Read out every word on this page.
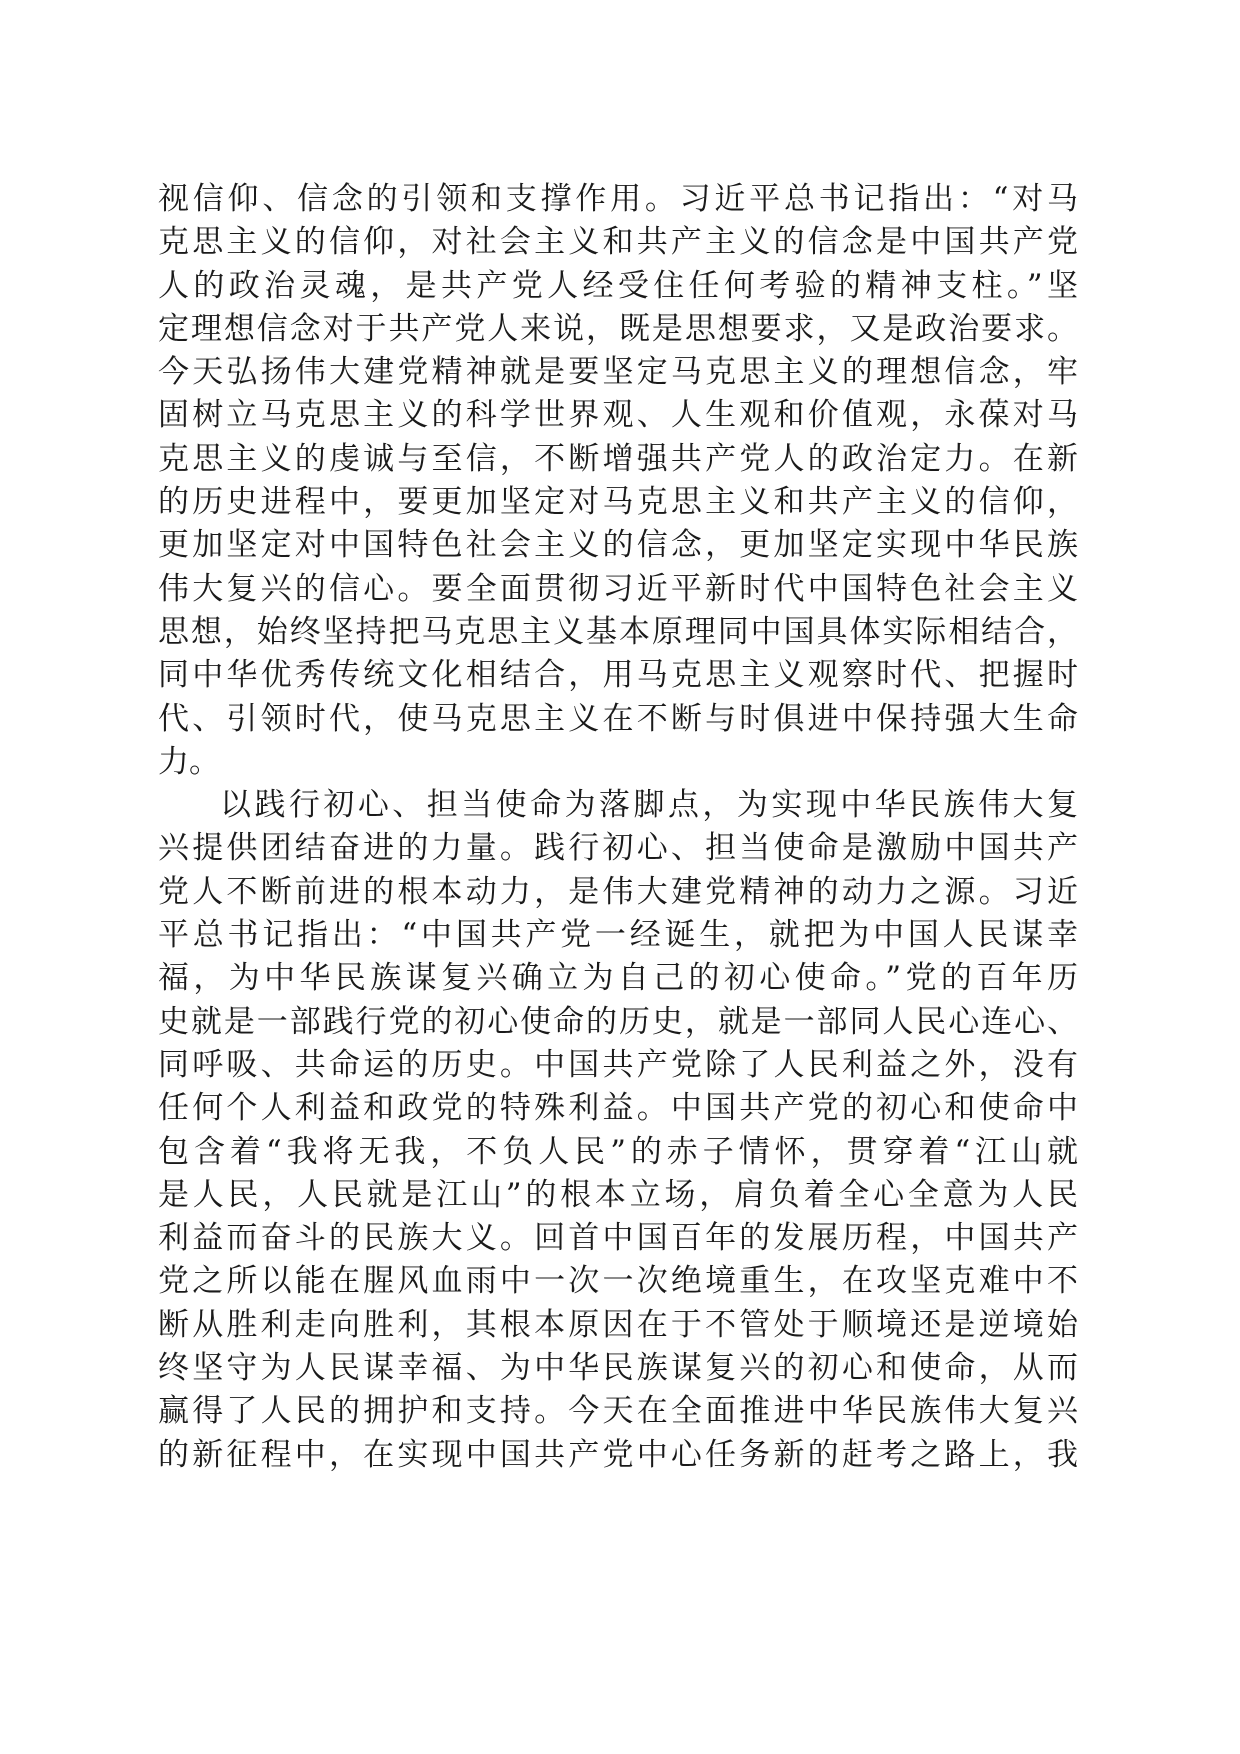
视信仰、信念的引领和支撑作用。习近平总书记指出：“对马
克思主义的信仰，对社会主义和共产主义的信念是中国共产党
人的政治灵魂，是共产党人经受住任何考验的精神支柱。”坚
定理想信念对于共产党人来说，既是思想要求，又是政治要求。
今天弘扬伟大建党精神就是要坚定马克思主义的理想信念，牢
固树立马克思主义的科学世界观、人生观和价值观，永葆对马
克思主义的虔诚与至信，不断增强共产党人的政治定力。在新
的历史进程中，要更加坚定对马克思主义和共产主义的信仰，
更加坚定对中国特色社会主义的信念，更加坚定实现中华民族
伟大复兴的信心。要全面贯彻习近平新时代中国特色社会主义
思想，始终坚持把马克思主义基本原理同中国具体实际相结合，
同中华优秀传统文化相结合，用马克思主义观察时代、把握时
代、引领时代，使马克思主义在不断与时俱进中保持强大生命
力。
以践行初心、担当使命为落脚点，为实现中华民族伟大复
兴提供团结奋进的力量。践行初心、担当使命是激励中国共产
党人不断前进的根本动力，是伟大建党精神的动力之源。习近
平总书记指出：“中国共产党一经诞生，就把为中国人民谋幸
福，为中华民族谋复兴确立为自己的初心使命。”党的百年历
史就是一部践行党的初心使命的历史，就是一部同人民心连心、
同呼吸、共命运的历史。中国共产党除了人民利益之外，没有
任何个人利益和政党的特殊利益。中国共产党的初心和使命中
包含着“我将无我，不负人民”的赤子情怀，贯穿着“江山就
是人民，人民就是江山”的根本立场，肩负着全心全意为人民
利益而奋斗的民族大义。回首中国百年的发展历程，中国共产
党之所以能在腥风血雨中一次一次绝境重生，在攻坚克难中不
断从胜利走向胜利，其根本原因在于不管处于顺境还是逆境始
终坚守为人民谋幸福、为中华民族谋复兴的初心和使命，从而
赢得了人民的拥护和支持。今天在全面推进中华民族伟大复兴
的新征程中，在实现中国共产党中心任务新的赶考之路上，我
